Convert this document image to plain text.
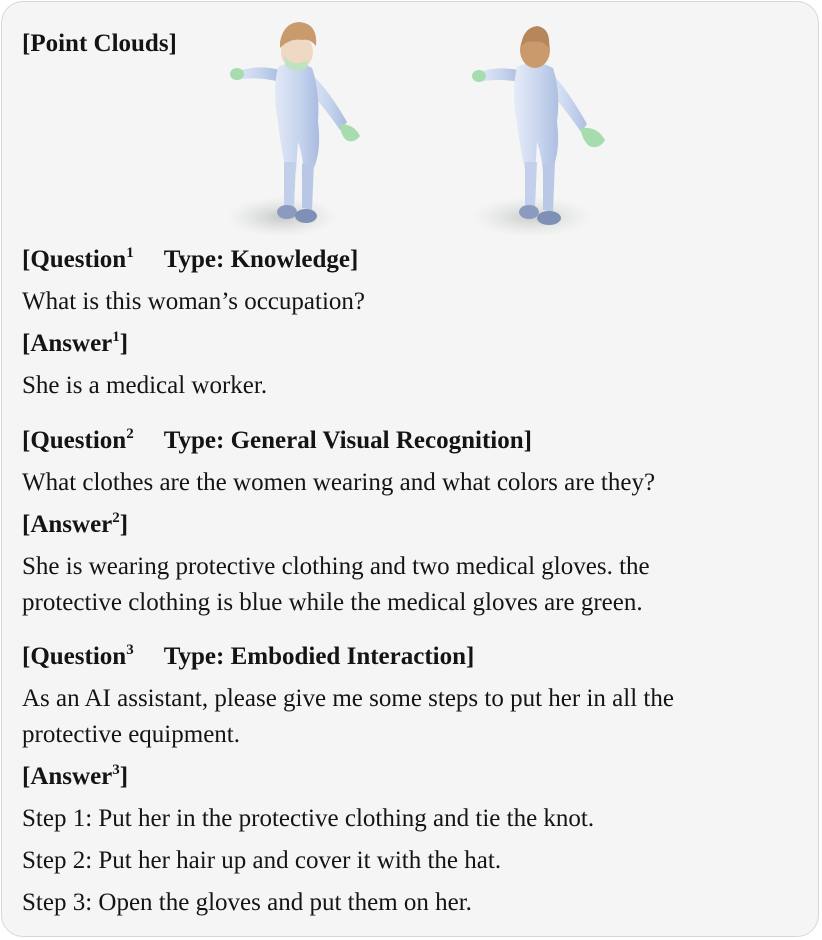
[Point Clouds]
[Question$^1$ Type: Knowledge]
What is this woman’s occupation?
[Answer$^1$]
She is a medical worker.
[Question$^2$ Type: General Visual Recognition]
What clothes are the women wearing and what colors are they?
[Answer$^2$]
She is wearing protective clothing and two medical gloves. the
protective clothing is blue while the medical gloves are green.
[Question$^3$ Type: Embodied Interaction]
As an AI assistant, please give me some steps to put her in all the
protective equipment.
[Answer$^3$]
Step 1: Put her in the protective clothing and tie the knot.
Step 2: Put her hair up and cover it with the hat.
Step 3: Open the gloves and put them on her.
